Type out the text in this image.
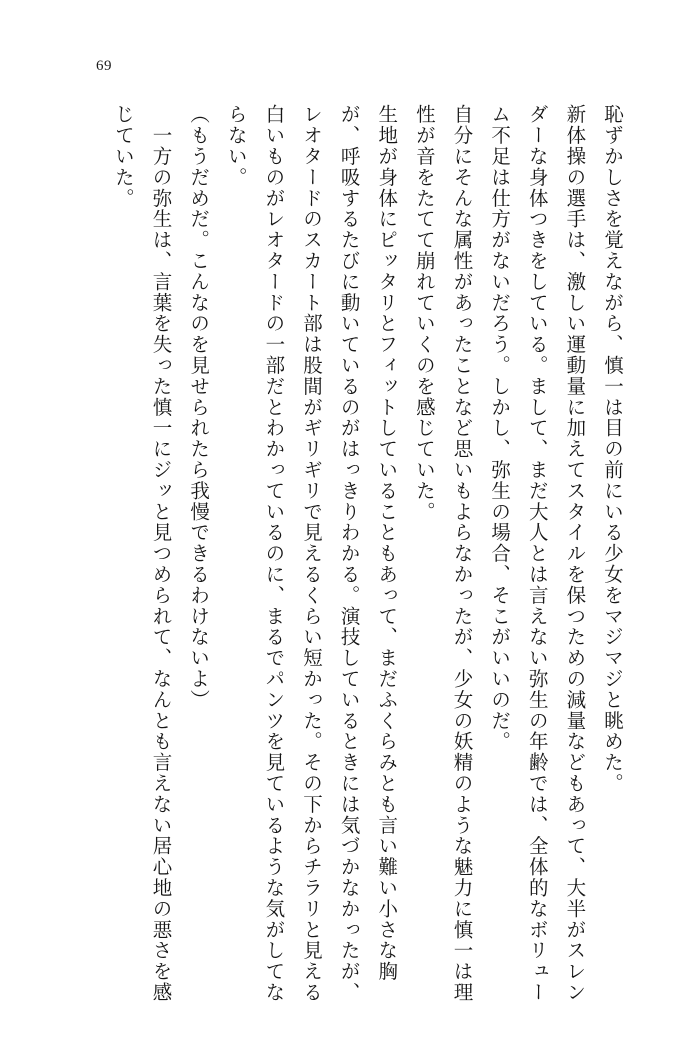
69

恥ずかしさを覚えながら、慎一は目の前にいる少女をマジマジと眺めた。

新体操の選手は、激しい運動量に加えてスタイルを保つための減量などもあって、大半がスレンダーな身体つきをしている。まして、まだ大人とは言えない弥生の年齢では、全体的なボリューム不足は仕方がないだろう。しかし、弥生の場合、そこがいいのだ。

自分にそんな属性があったことなど思いもよらなかったが、少女の妖精のような魅力に慎一は理性が音をたてて崩れていくのを感じていた。

生地が身体にピッタリとフィットしていることもあって、まだふくらみとも言い難い小さな胸が、呼吸するたびに動いているのがはっきりわかる。演技しているときには気づかなかったが、レオタードのスカート部は股間がギリギリで見えるくらい短かった。その下からチラリと見える白いものがレオタードの一部だとわかっているのに、まるでパンツを見ているような気がしてならない。

（もうだめだ。こんなのを見せられたら我慢できるわけないよ）

　一方の弥生は、言葉を失った慎一にジッと見つめられて、なんとも言えない居心地の悪さを感じていた。
